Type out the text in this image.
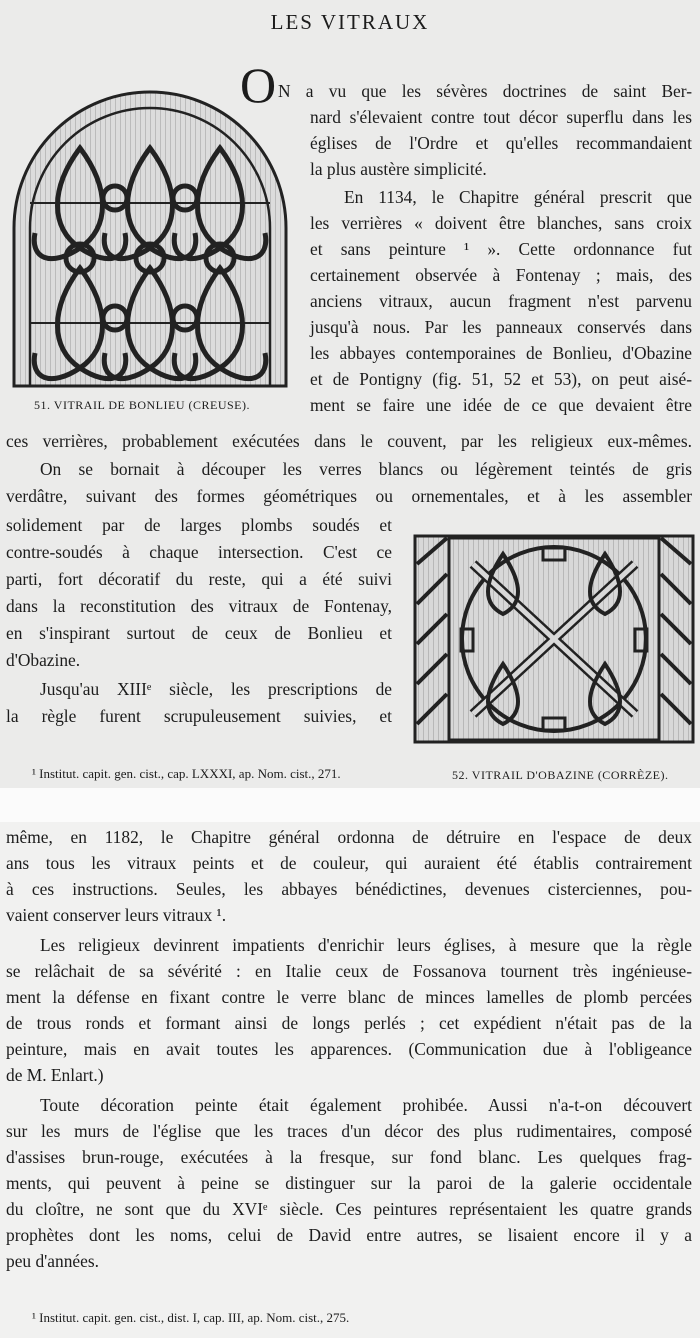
LES VITRAUX
51. VITRAIL DE BONLIEU (CREUSE).
O N a vu que les sévères doctrines de saint Ber-
nard s'élevaient contre tout décor superflu dans les
églises de l'Ordre et qu'elles recommandaient
la plus austère simplicité.
En 1134, le Chapitre général prescrit que
les verrières « doivent être blanches, sans croix
et sans peinture ¹ ». Cette ordonnance fut
certainement observée à Fontenay ; mais, des
anciens vitraux, aucun fragment n'est parvenu
jusqu'à nous. Par les panneaux conservés dans
les abbayes contemporaines de Bonlieu, d'Obazine
et de Pontigny (fig. 51, 52 et 53), on peut aisé-
ment se faire une idée de ce que devaient être
ces verrières, probablement exécutées dans le couvent, par les religieux eux-mêmes.
On se bornait à découper les verres blancs ou légèrement teintés de gris
verdâtre, suivant des formes géométriques ou ornementales, et à les assembler
solidement par de larges plombs soudés et
contre-soudés à chaque intersection. C'est ce
parti, fort décoratif du reste, qui a été suivi
dans la reconstitution des vitraux de Fontenay,
en s'inspirant surtout de ceux de Bonlieu et
d'Obazine.
Jusqu'au XIIIᵉ siècle, les prescriptions de
la règle furent scrupuleusement suivies, et
¹ Institut. capit. gen. cist., cap. LXXXI, ap. Nom. cist., 271.	52. VITRAIL D'OBAZINE (CORRÈZE).
même, en 1182, le Chapitre général ordonna de détruire en l'espace de deux
ans tous les vitraux peints et de couleur, qui auraient été établis contrairement
à ces instructions. Seules, les abbayes bénédictines, devenues cisterciennes, pou-
vaient conserver leurs vitraux ¹.
Les religieux devinrent impatients d'enrichir leurs églises, à mesure que la règle
se relâchait de sa sévérité : en Italie ceux de Fossanova tournent très ingénieuse-
ment la défense en fixant contre le verre blanc de minces lamelles de plomb percées
de trous ronds et formant ainsi de longs perlés ; cet expédient n'était pas de la
peinture, mais en avait toutes les apparences. (Communication due à l'obligeance
de M. Enlart.)
Toute décoration peinte était également prohibée. Aussi n'a-t-on découvert
sur les murs de l'église que les traces d'un décor des plus rudimentaires, composé
d'assises brun-rouge, exécutées à la fresque, sur fond blanc. Les quelques frag-
ments, qui peuvent à peine se distinguer sur la paroi de la galerie occidentale
du cloître, ne sont que du XVIᵉ siècle. Ces peintures représentaient les quatre grands
prophètes dont les noms, celui de David entre autres, se lisaient encore il y a
peu d'années.
¹ Institut. capit. gen. cist., dist. I, cap. III, ap. Nom. cist., 275.
